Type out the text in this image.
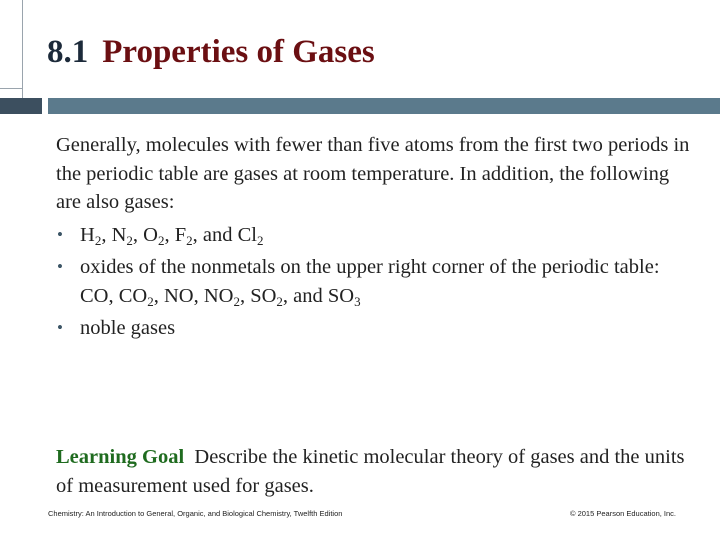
8.1 Properties of Gases

Generally, molecules with fewer than five atoms from the first two periods in the periodic table are gases at room temperature. In addition, the following are also gases:

• $H_2$, $N_2$, $O_2$, $F_2$, and $Cl_2$
• oxides of the nonmetals on the upper right corner of the periodic table: CO, $CO_2$, NO, $NO_2$, $SO_2$, and $SO_3$
• noble gases
Learning Goal Describe the kinetic molecular theory of gases and the units of measurement used for gases.
Chemistry: An Introduction to General, Organic, and Biological Chemistry, Twelfth Edition	© 2015 Pearson Education, Inc.
